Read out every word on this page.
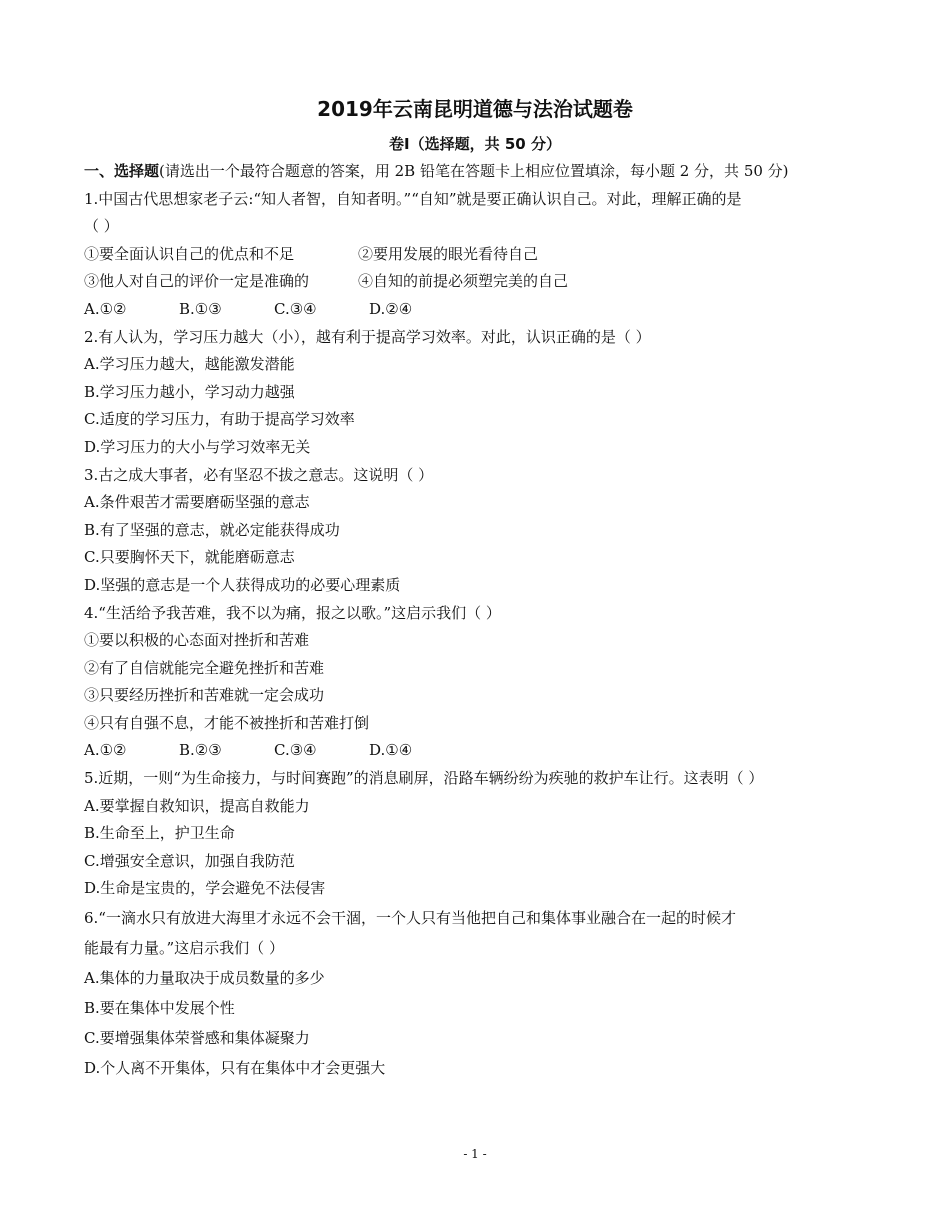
2019年云南昆明道德与法治试题卷
卷Ⅰ（选择题，共 50 分）
一、选择题(请选出一个最符合题意的答案，用 2B 铅笔在答题卡上相应位置填涂，每小题 2 分，共 50 分)
1.中国古代思想家老子云:“知人者智，自知者明。”“自知”就是要正确认识自己。对此，理解正确的是
（ ）
①要全面认识自己的优点和不足	②要用发展的眼光看待自己
③他人对自己的评价一定是准确的	④自知的前提必须塑完美的自己
A.①②	B.①③	C.③④	D.②④
2.有人认为，学习压力越大（小），越有利于提高学习效率。对此，认识正确的是（ ）
A.学习压力越大，越能激发潜能
B.学习压力越小，学习动力越强
C.适度的学习压力，有助于提高学习效率
D.学习压力的大小与学习效率无关
3.古之成大事者，必有坚忍不拔之意志。这说明（ ）
A.条件艰苦才需要磨砺坚强的意志
B.有了坚强的意志，就必定能获得成功
C.只要胸怀天下，就能磨砺意志
D.坚强的意志是一个人获得成功的必要心理素质
4.“生活给予我苦难，我不以为痛，报之以歌。”这启示我们（ ）
①要以积极的心态面对挫折和苦难
②有了自信就能完全避免挫折和苦难
③只要经历挫折和苦难就一定会成功
④只有自强不息，才能不被挫折和苦难打倒
A.①②	B.②③	C.③④	D.①④
5.近期，一则“为生命接力，与时间赛跑”的消息刷屏，沿路车辆纷纷为疾驰的救护车让行。这表明（ ）
A.要掌握自救知识，提高自救能力
B.生命至上，护卫生命
C.增强安全意识，加强自我防范
D.生命是宝贵的，学会避免不法侵害
6.“一滴水只有放进大海里才永远不会干涸，一个人只有当他把自己和集体事业融合在一起的时候才
能最有力量。”这启示我们（ ）
A.集体的力量取决于成员数量的多少
B.要在集体中发展个性
C.要增强集体荣誉感和集体凝聚力
D.个人离不开集体，只有在集体中才会更强大
- 1 -
